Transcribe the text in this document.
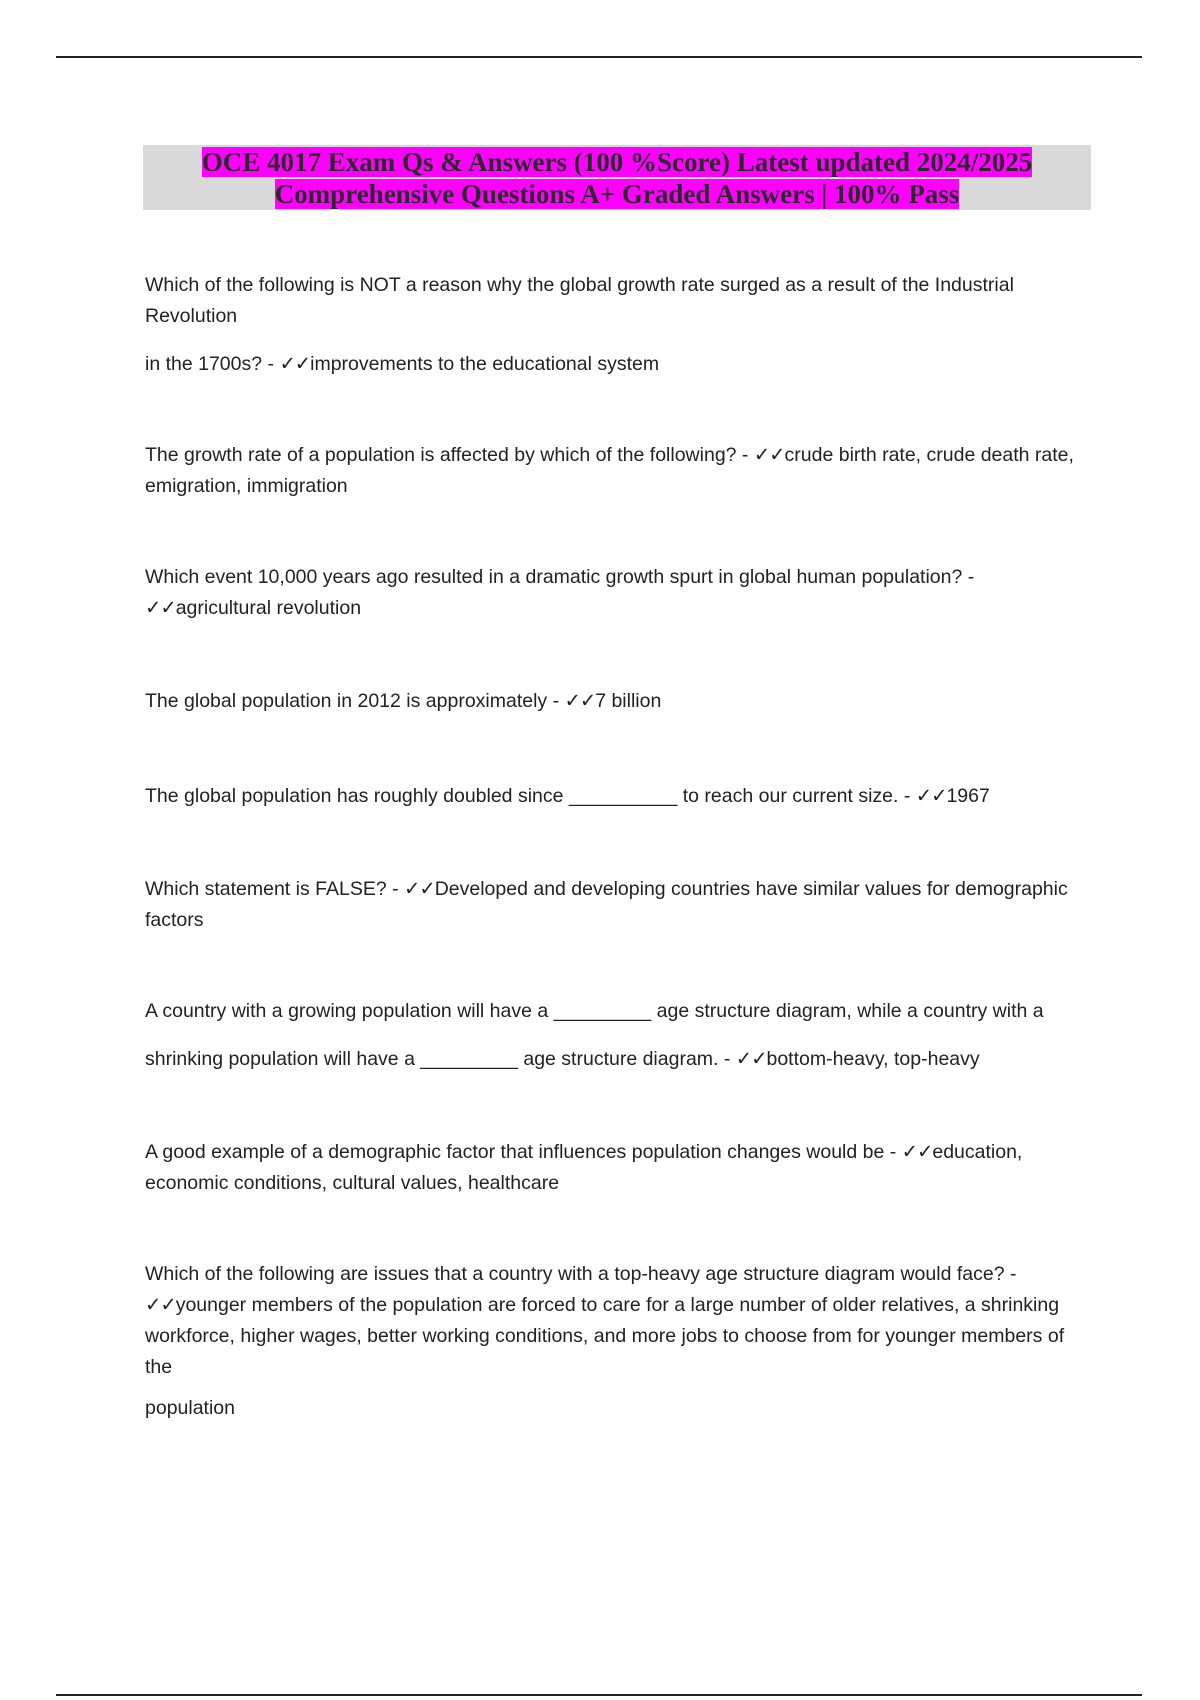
OCE 4017 Exam Qs & Answers (100 %Score) Latest updated 2024/2025
Comprehensive Questions A+ Graded Answers | 100% Pass

Which of the following is NOT a reason why the global growth rate surged as a result of the Industrial Revolution

in the 1700s? - ✓✓improvements to the educational system

The growth rate of a population is affected by which of the following? - ✓✓crude birth rate, crude death rate, emigration, immigration

Which event 10,000 years ago resulted in a dramatic growth spurt in global human population? - ✓✓agricultural revolution

The global population in 2012 is approximately - ✓✓7 billion

The global population has roughly doubled since __________ to reach our current size. - ✓✓1967

Which statement is FALSE? - ✓✓Developed and developing countries have similar values for demographic factors

A country with a growing population will have a _________ age structure diagram, while a country with a

shrinking population will have a _________ age structure diagram. - ✓✓bottom-heavy, top-heavy

A good example of a demographic factor that influences population changes would be - ✓✓education, economic conditions, cultural values, healthcare

Which of the following are issues that a country with a top-heavy age structure diagram would face? - ✓✓younger members of the population are forced to care for a large number of older relatives, a shrinking workforce, higher wages, better working conditions, and more jobs to choose from for younger members of the

population
